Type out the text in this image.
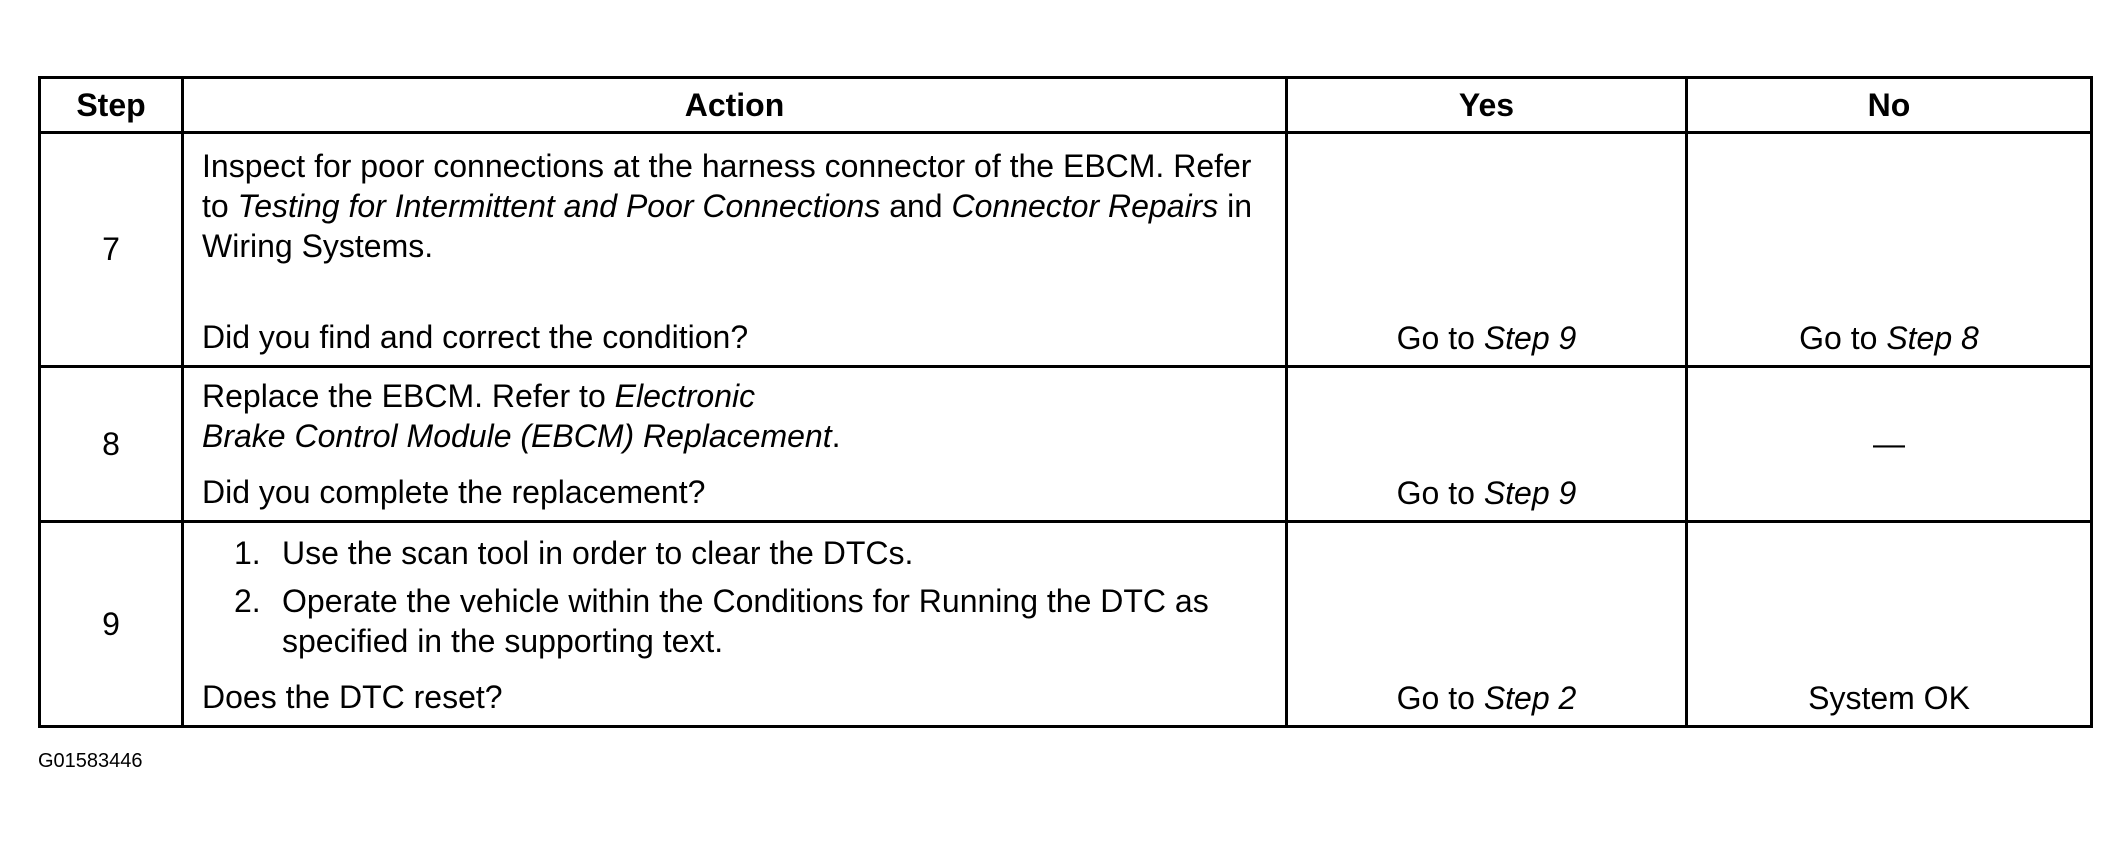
Step	Action	Yes	No
7	Inspect for poor connections at the harness connector of the EBCM. Refer to Testing for Intermittent and Poor Connections and Connector Repairs in Wiring Systems.
Did you find and correct the condition?	Go to Step 9	Go to Step 8

8	Replace the EBCM. Refer to Electronic Brake Control Module (EBCM) Replacement.
Did you complete the replacement?	Go to Step 9	—

9	1. Use the scan tool in order to clear the DTCs.
2. Operate the vehicle within the Conditions for Running the DTC as specified in the supporting text.
Does the DTC reset?	Go to Step 2	System OK
G01583446
